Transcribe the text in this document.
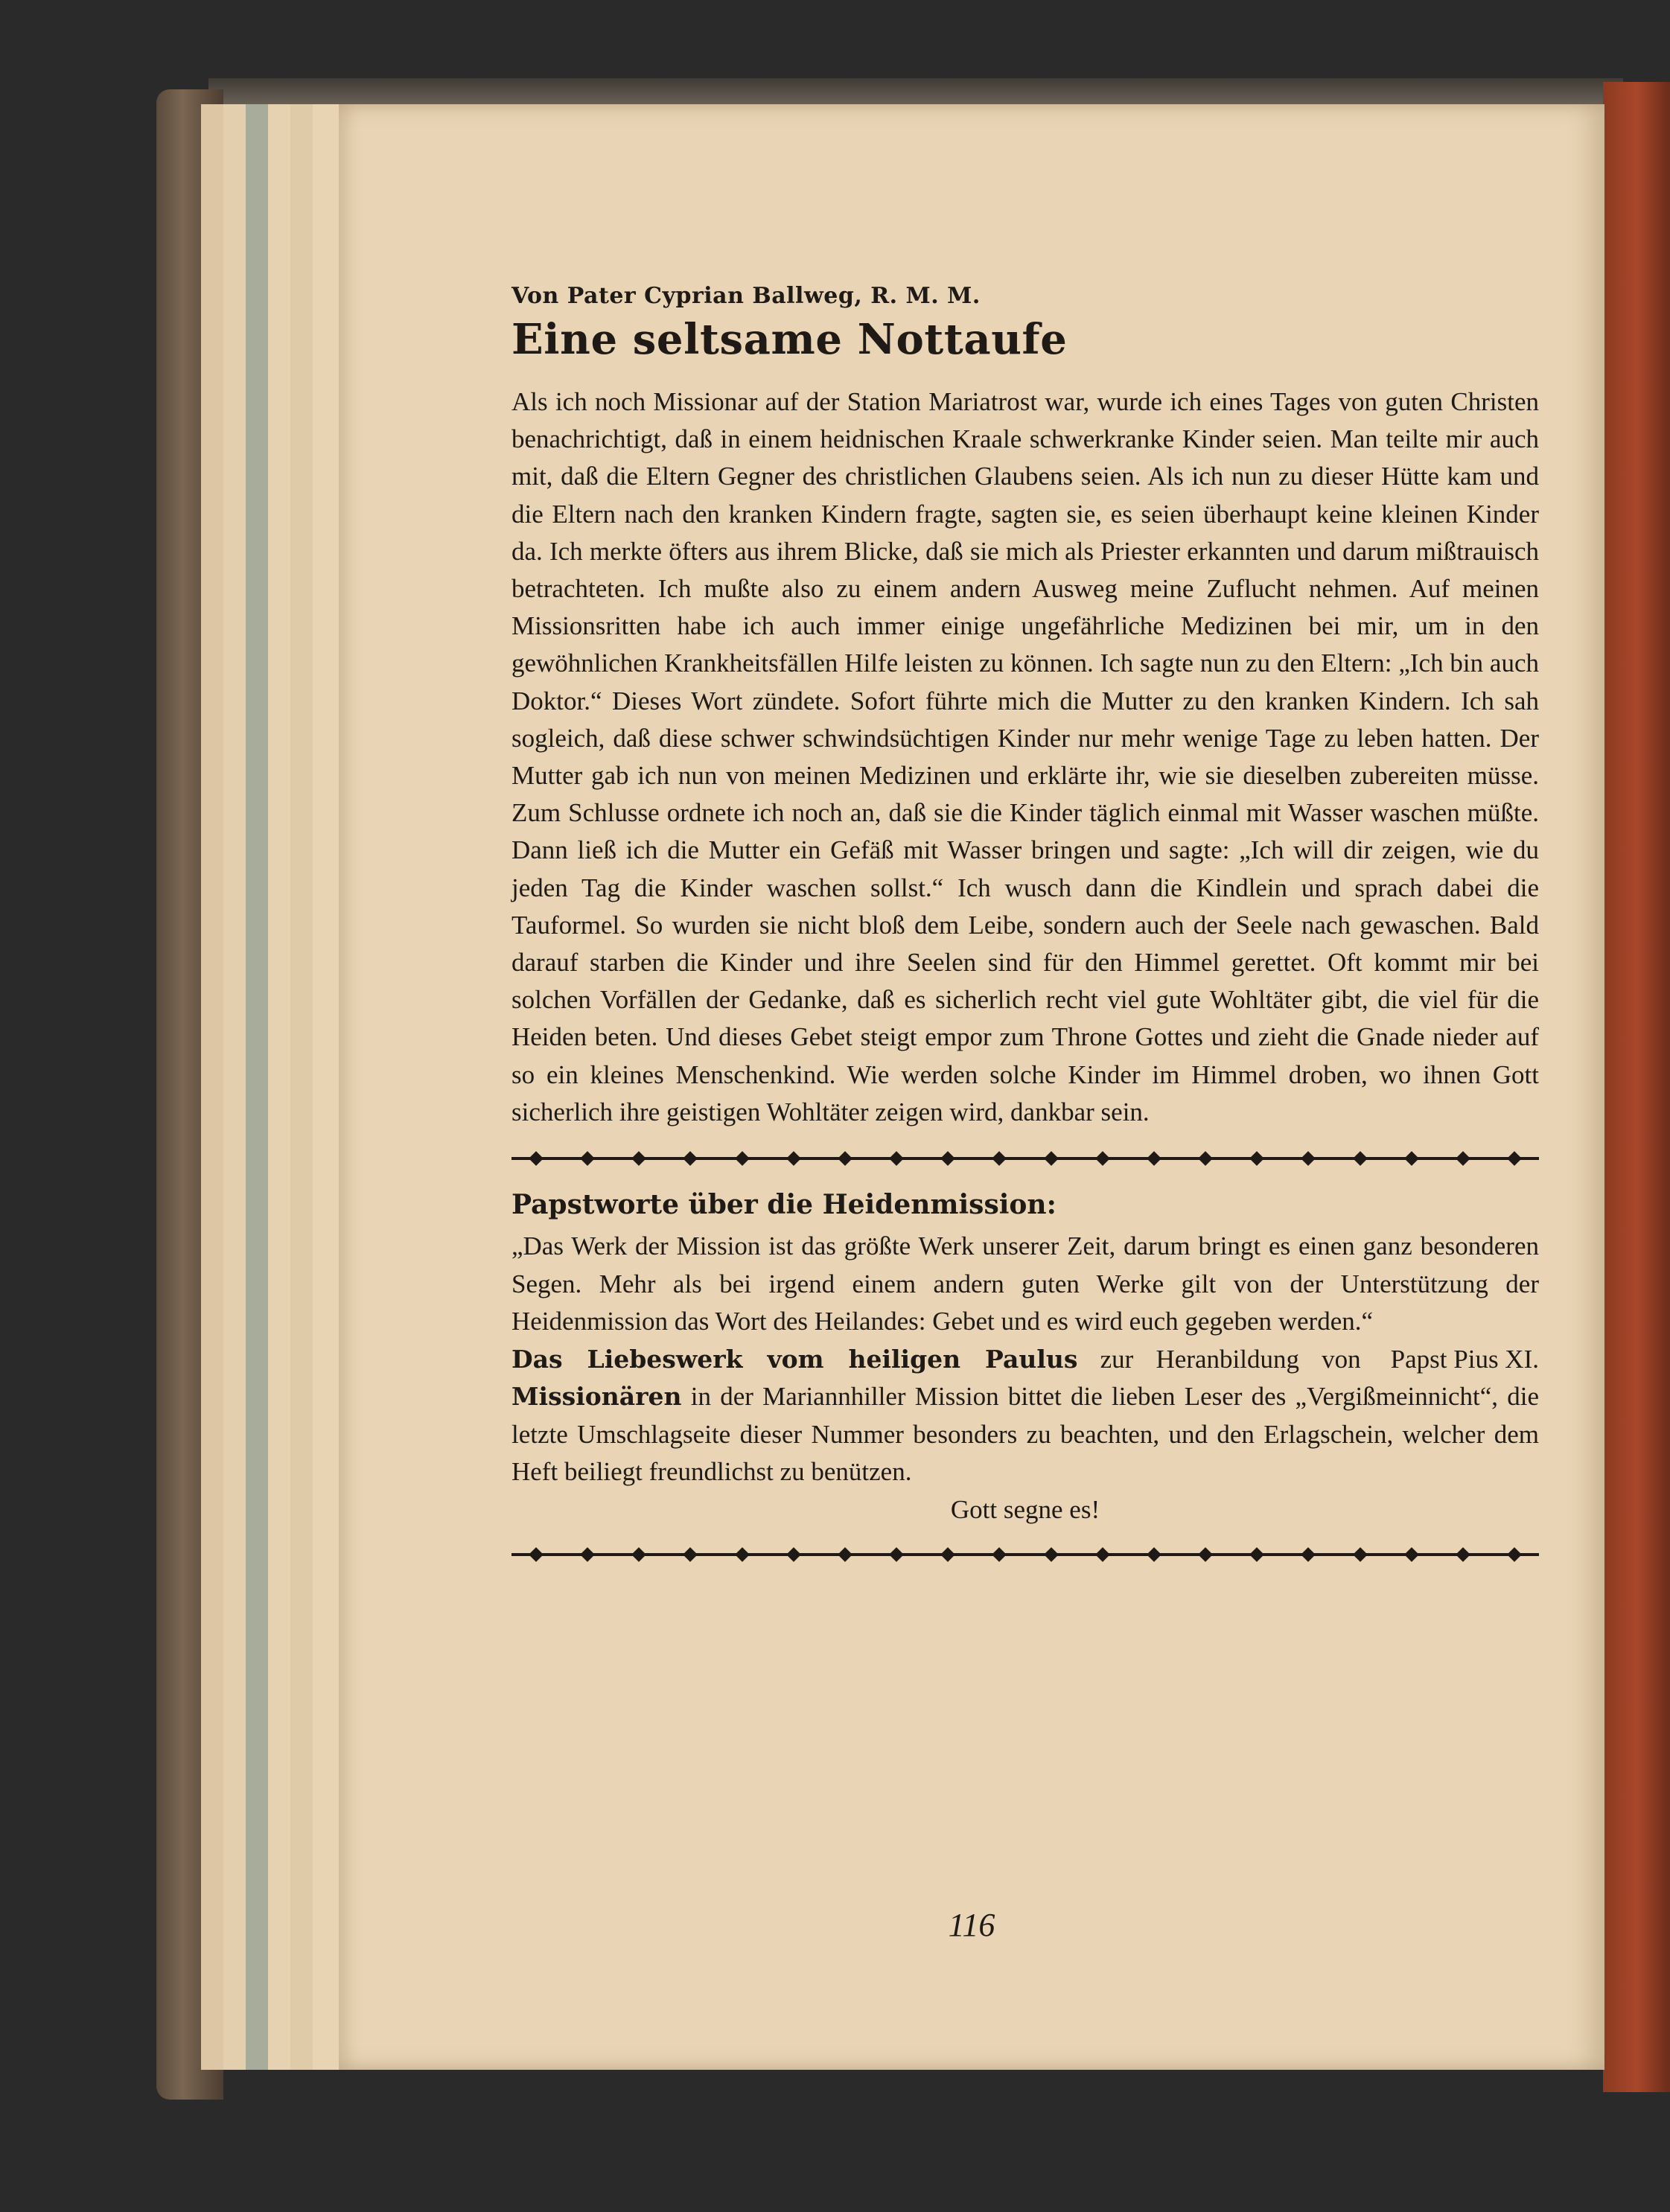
Von Pater Cyprian Ballweg, R. M. M.
Eine seltsame Nottaufe

Als ich noch Missionar auf der Station Mariatrost war, wurde ich eines Tages von guten Christen benachrichtigt, daß in einem heidnischen Kraale schwerkranke Kinder seien. Man teilte mir auch mit, daß die Eltern Gegner des christlichen Glaubens seien. Als ich nun zu dieser Hütte kam und die Eltern nach den kranken Kindern fragte, sagten sie, es seien überhaupt keine kleinen Kinder da. Ich merkte öfters aus ihrem Blicke, daß sie mich als Priester erkannten und darum mißtrauisch betrachteten. Ich mußte also zu einem andern Ausweg meine Zuflucht nehmen. Auf meinen Missionsritten habe ich auch immer einige ungefährliche Medizinen bei mir, um in den gewöhnlichen Krankheitsfällen Hilfe leisten zu können. Ich sagte nun zu den Eltern: „Ich bin auch Doktor.“ Dieses Wort zündete. Sofort führte mich die Mutter zu den kranken Kindern. Ich sah sogleich, daß diese schwer schwindsüchtigen Kinder nur mehr wenige Tage zu leben hatten. Der Mutter gab ich nun von meinen Medizinen und erklärte ihr, wie sie dieselben zubereiten müsse. Zum Schlusse ordnete ich noch an, daß sie die Kinder täglich einmal mit Wasser waschen müßte. Dann ließ ich die Mutter ein Gefäß mit Wasser bringen und sagte: „Ich will dir zeigen, wie du jeden Tag die Kinder waschen sollst.“ Ich wusch dann die Kindlein und sprach dabei die Tauformel. So wurden sie nicht bloß dem Leibe, sondern auch der Seele nach gewaschen. Bald darauf starben die Kinder und ihre Seelen sind für den Himmel gerettet. Oft kommt mir bei solchen Vorfällen der Gedanke, daß es sicherlich recht viel gute Wohltäter gibt, die viel für die Heiden beten. Und dieses Gebet steigt empor zum Throne Gottes und zieht die Gnade nieder auf so ein kleines Menschenkind. Wie werden solche Kinder im Himmel droben, wo ihnen Gott sicherlich ihre geistigen Wohltäter zeigen wird, dankbar sein.

Papstworte über die Heidenmission:

„Das Werk der Mission ist das größte Werk unserer Zeit, darum bringt es einen ganz besonderen Segen. Mehr als bei irgend einem andern guten Werke gilt von der Unterstützung der Heidenmission das Wort des Heilandes: Gebet und es wird euch gegeben werden.“
Papst Pius XI.

Das Liebeswerk vom heiligen Paulus zur Heranbildung von Missionären in der Mariannhiller Mission bittet die lieben Leser des „Vergißmeinnicht“, die letzte Umschlagseite dieser Nummer besonders zu beachten, und den Erlagschein, welcher dem Heft beiliegt freundlichst zu benützen.

Gott segne es!

116
